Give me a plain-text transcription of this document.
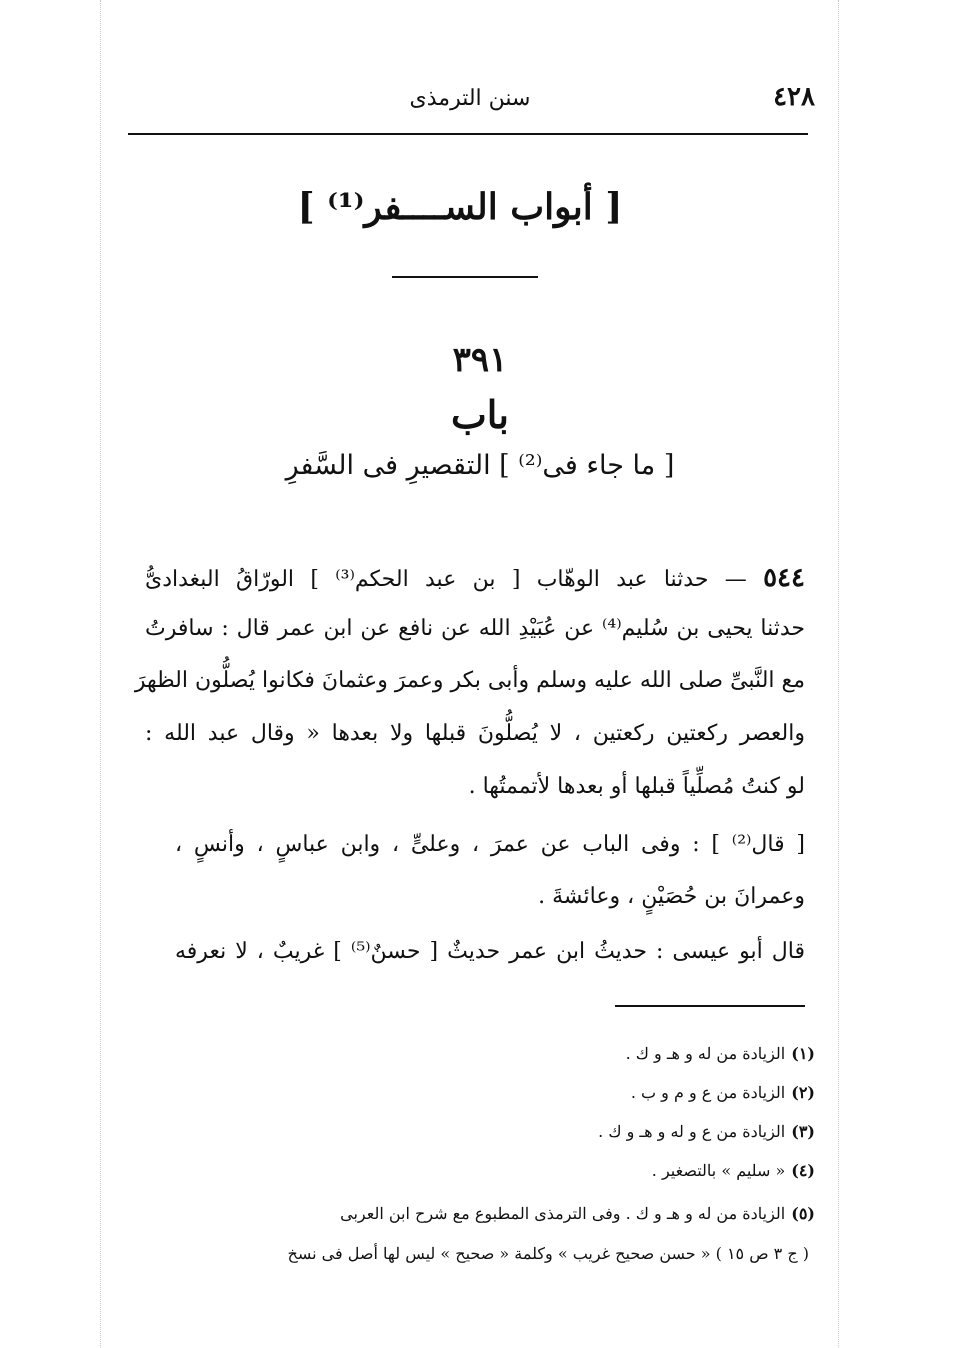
٤٢٨
سنن الترمذى
[ أبواب الســــفر⁽¹⁾ ]
٣٩١
باب
[ ما جاء فى⁽²⁾ ] التقصيرِ فى السَّفرِ
٥٤٤ — حدثنا عبد الوهّاب [ بن عبد الحكم⁽³⁾ ] الورّاقُ البغدادىُّ
حدثنا يحيى بن سُليم⁽⁴⁾ عن عُبَيْدِ الله عن نافع عن ابن عمر قال : سافرتُ
مع النَّبىِّ صلى الله عليه وسلم وأبى بكر وعمرَ وعثمانَ فكانوا يُصلُّون الظهرَ
والعصر ركعتين ركعتين ، لا يُصلُّونَ قبلها ولا بعدها « وقال عبد الله :
لو كنتُ مُصلِّياً قبلها أو بعدها لأتممتُها .
[ قال⁽²⁾ ] : وفى الباب عن عمرَ ، وعلىٍّ ، وابن عباسٍ ، وأنسٍ ،
وعمرانَ بن حُصَيْنٍ ، وعائشةَ .
قال أبو عيسى : حديثُ ابن عمر حديثٌ [ حسنٌ⁽⁵⁾ ] غريبٌ ، لا نعرفه
(١)الزيادة من له و هـ و ك .
(٢)الزيادة من ع و م و ب .
(٣)الزيادة من ع و له و هـ و ك .
(٤)« سليم » بالتصغير .
(٥)الزيادة من له و هـ و ك . وفى الترمذى المطبوع مع شرح ابن العربى
( ج ٣ ص ١٥ ) « حسن صحيح غريب » وكلمة « صحيح » ليس لها أصل فى نسخ
